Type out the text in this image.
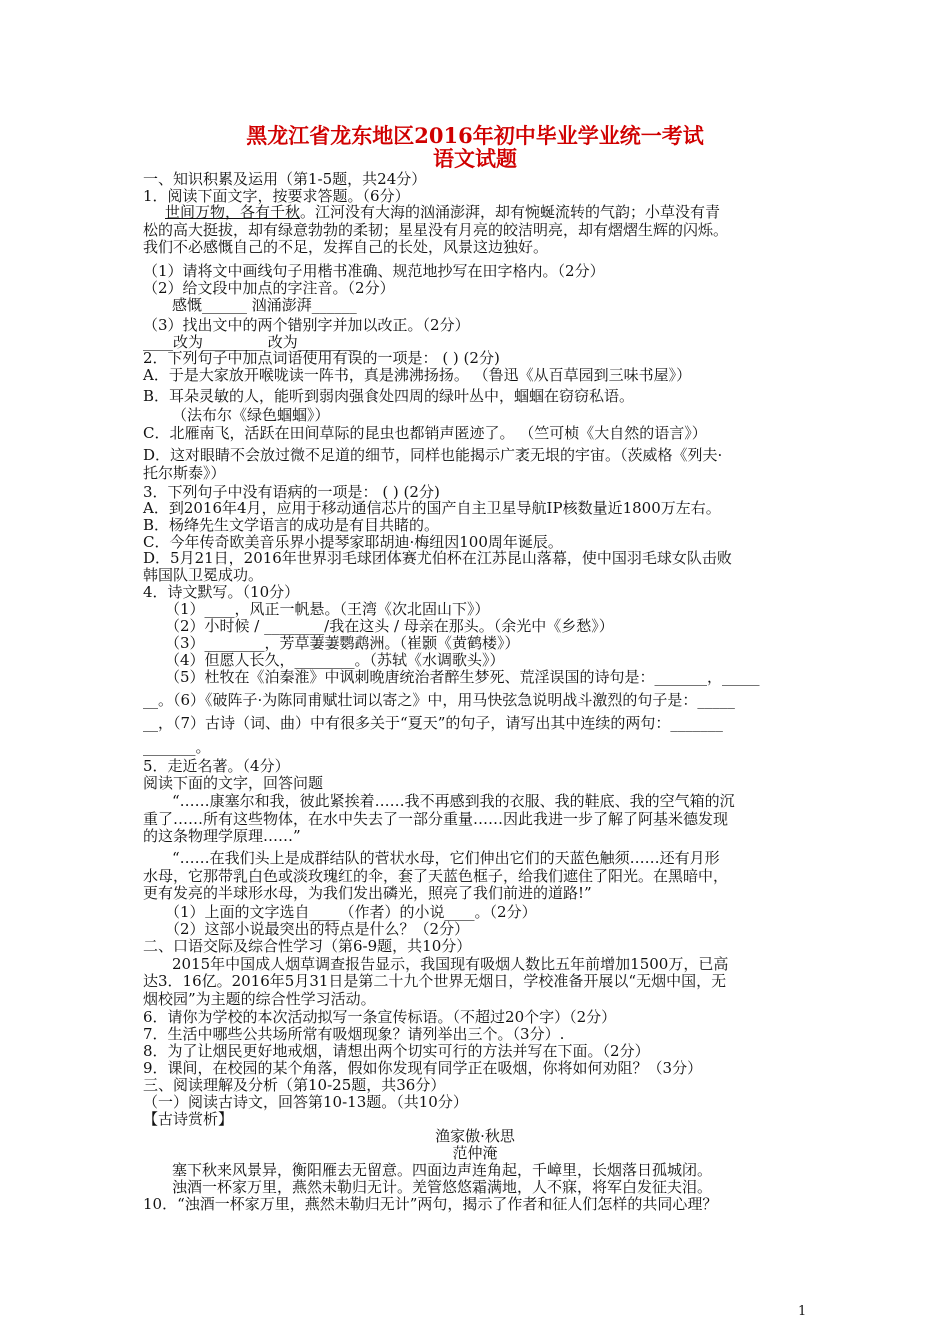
黑龙江省龙东地区2016年初中毕业学业统一考试
语文试题
一、知识积累及运用（第1-5题，共24分）
1．阅读下面文字，按要求答题。（6分）
世间万物，各有千秋。江河没有大海的汹涌澎湃，却有惋蜒流转的气韵；小草没有青
松的高大挺拔，却有绿意勃勃的柔韧；星星没有月亮的皎洁明亮，却有熠熠生辉的闪烁。
我们不必感慨自己的不足，发挥自己的长处，风景这边独好。
（1）请将文中画线句子用楷书准确、规范地抄写在田字格内。（2分）
（2）给文段中加点的字注音。（2分）
感慨______ 汹涌澎湃______
（3）找出文中的两个错别字并加以改正。（2分）
____改为________ 改为________
2．下列句子中加点词语使用有误的一项是： ( ) (2分)
A．于是大家放开喉咙读一阵书，真是沸沸扬扬。 （鲁迅《从百草园到三味书屋》）
B．耳朵灵敏的人，能听到弱肉强食处四周的绿叶丛中，蝈蝈在窃窃私语。
（法布尔《绿色蝈蝈》）
C．北雁南飞，活跃在田间草际的昆虫也都销声匿迹了。 （竺可桢《大自然的语言》）
D．这对眼睛不会放过微不足道的细节，同样也能揭示广袤无垠的宇宙。（茨威格《列夫·
托尔斯泰》）
3．下列句子中没有语病的一项是： ( ) (2分)
A．到2016年4月，应用于移动通信芯片的国产自主卫星导航IP核数量近1800万左右。
B．杨绛先生文学语言的成功是有目共睹的。
C．今年传奇欧美音乐界小提琴家耶胡迪·梅纽因100周年诞辰。
D．5月21日，2016年世界羽毛球团体赛尤伯杯在江苏昆山落幕，使中国羽毛球女队击败
韩国队卫冕成功。
4．诗文默写。（10分）
（1）____，风正一帆悬。（王湾《次北固山下》）
（2）小时候 / ________/我在这头 / 母亲在那头。（余光中《乡愁》）
（3）________，芳草萋萋鹦鹉洲。（崔颢《黄鹤楼》）
（4）但愿人长久，________。（苏轼《水调歌头》）
（5）杜牧在《泊秦淮》中讽刺晚唐统治者醉生梦死、荒淫误国的诗句是：_______，_____
__。（6）《破阵子·为陈同甫赋壮词以寄之》中，用马快弦急说明战斗激烈的句子是：_____
__，（7）古诗（词、曲）中有很多关于“夏天”的句子，请写出其中连续的两句：_______
_______。
5．走近名著。（4分）
阅读下面的文字，回答问题
“……康塞尔和我，彼此紧挨着……我不再感到我的衣服、我的鞋底、我的空气箱的沉
重了……所有这些物体，在水中失去了一部分重量……因此我进一步了解了阿基米德发现
的这条物理学原理……”
“……在我们头上是成群结队的菅状水母，它们伸出它们的天蓝色触须……还有月形
水母，它那带乳白色或淡玫瑰红的伞，套了天蓝色框子，给我们遮住了阳光。在黑暗中，
更有发亮的半球形水母，为我们发出磷光，照亮了我们前进的道路!”
（1）上面的文字选自____（作者）的小说____。（2分）
（2）这部小说最突出的特点是什么？（2分）
二、口语交际及综合性学习（第6-9题，共10分）
2015年中国成人烟草调查报告显示，我国现有吸烟人数比五年前增加1500万，已高
达3．16亿。2016年5月31日是第二十九个世界无烟日，学校准备开展以“无烟中国，无
烟校园”为主题的综合性学习活动。
6．请你为学校的本次活动拟写一条宣传标语。（不超过20个字）（2分）
7．生活中哪些公共场所常有吸烟现象？请列举出三个。（3分）.
8．为了让烟民更好地戒烟，请想出两个切实可行的方法并写在下面。（2分）
9．课间，在校园的某个角落，假如你发现有同学正在吸烟，你将如何劝阻？（3分）
三、阅读理解及分析（第10-25题，共36分）
（一）阅读古诗文，回答第10-13题。（共10分）
【古诗赏析】
渔家傲·秋思
范仲淹
塞下秋来风景异，衡阳雁去无留意。四面边声连角起，千嶂里，长烟落日孤城闭。
浊酒一杯家万里，燕然未勒归无计。羌管悠悠霜满地，人不寐，将军白发征夫泪。
10．“浊酒一杯家万里，燕然未勒归无计”两句，揭示了作者和征人们怎样的共同心理？
1
